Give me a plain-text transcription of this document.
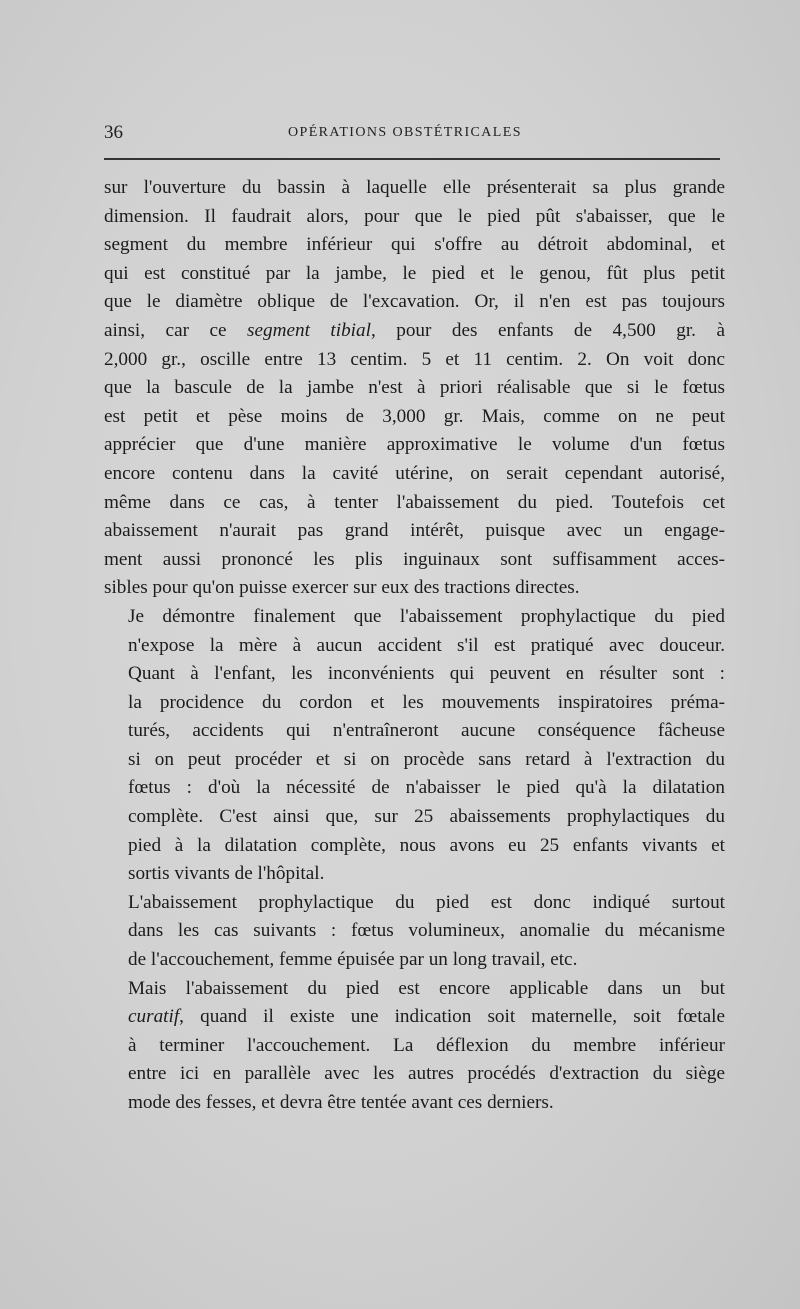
36	OPÉRATIONS OBSTÉTRICALES

sur l'ouverture du bassin à laquelle elle présenterait sa plus grande
dimension. Il faudrait alors, pour que le pied pût s'abaisser, que le
segment du membre inférieur qui s'offre au détroit abdominal, et
qui est constitué par la jambe, le pied et le genou, fût plus petit
que le diamètre oblique de l'excavation. Or, il n'en est pas toujours
ainsi, car ce segment tibial, pour des enfants de 4,500 gr. à
2,000 gr., oscille entre 13 centim. 5 et 11 centim. 2. On voit donc
que la bascule de la jambe n'est à priori réalisable que si le fœtus
est petit et pèse moins de 3,000 gr. Mais, comme on ne peut
apprécier que d'une manière approximative le volume d'un fœtus
encore contenu dans la cavité utérine, on serait cependant autorisé,
même dans ce cas, à tenter l'abaissement du pied. Toutefois cet
abaissement n'aurait pas grand intérêt, puisque avec un engage-
ment aussi prononcé les plis inguinaux sont suffisamment acces-
sibles pour qu'on puisse exercer sur eux des tractions directes.

Je démontre finalement que l'abaissement prophylactique du pied
n'expose la mère à aucun accident s'il est pratiqué avec douceur.
Quant à l'enfant, les inconvénients qui peuvent en résulter sont :
la procidence du cordon et les mouvements inspiratoires préma-
turés, accidents qui n'entraîneront aucune conséquence fâcheuse
si on peut procéder et si on procède sans retard à l'extraction du
fœtus : d'où la nécessité de n'abaisser le pied qu'à la dilatation
complète. C'est ainsi que, sur 25 abaissements prophylactiques du
pied à la dilatation complète, nous avons eu 25 enfants vivants et
sortis vivants de l'hôpital.

L'abaissement prophylactique du pied est donc indiqué surtout
dans les cas suivants : fœtus volumineux, anomalie du mécanisme
de l'accouchement, femme épuisée par un long travail, etc.

Mais l'abaissement du pied est encore applicable dans un but
curatif, quand il existe une indication soit maternelle, soit fœtale
à terminer l'accouchement. La déflexion du membre inférieur
entre ici en parallèle avec les autres procédés d'extraction du siège
mode des fesses, et devra être tentée avant ces derniers.
